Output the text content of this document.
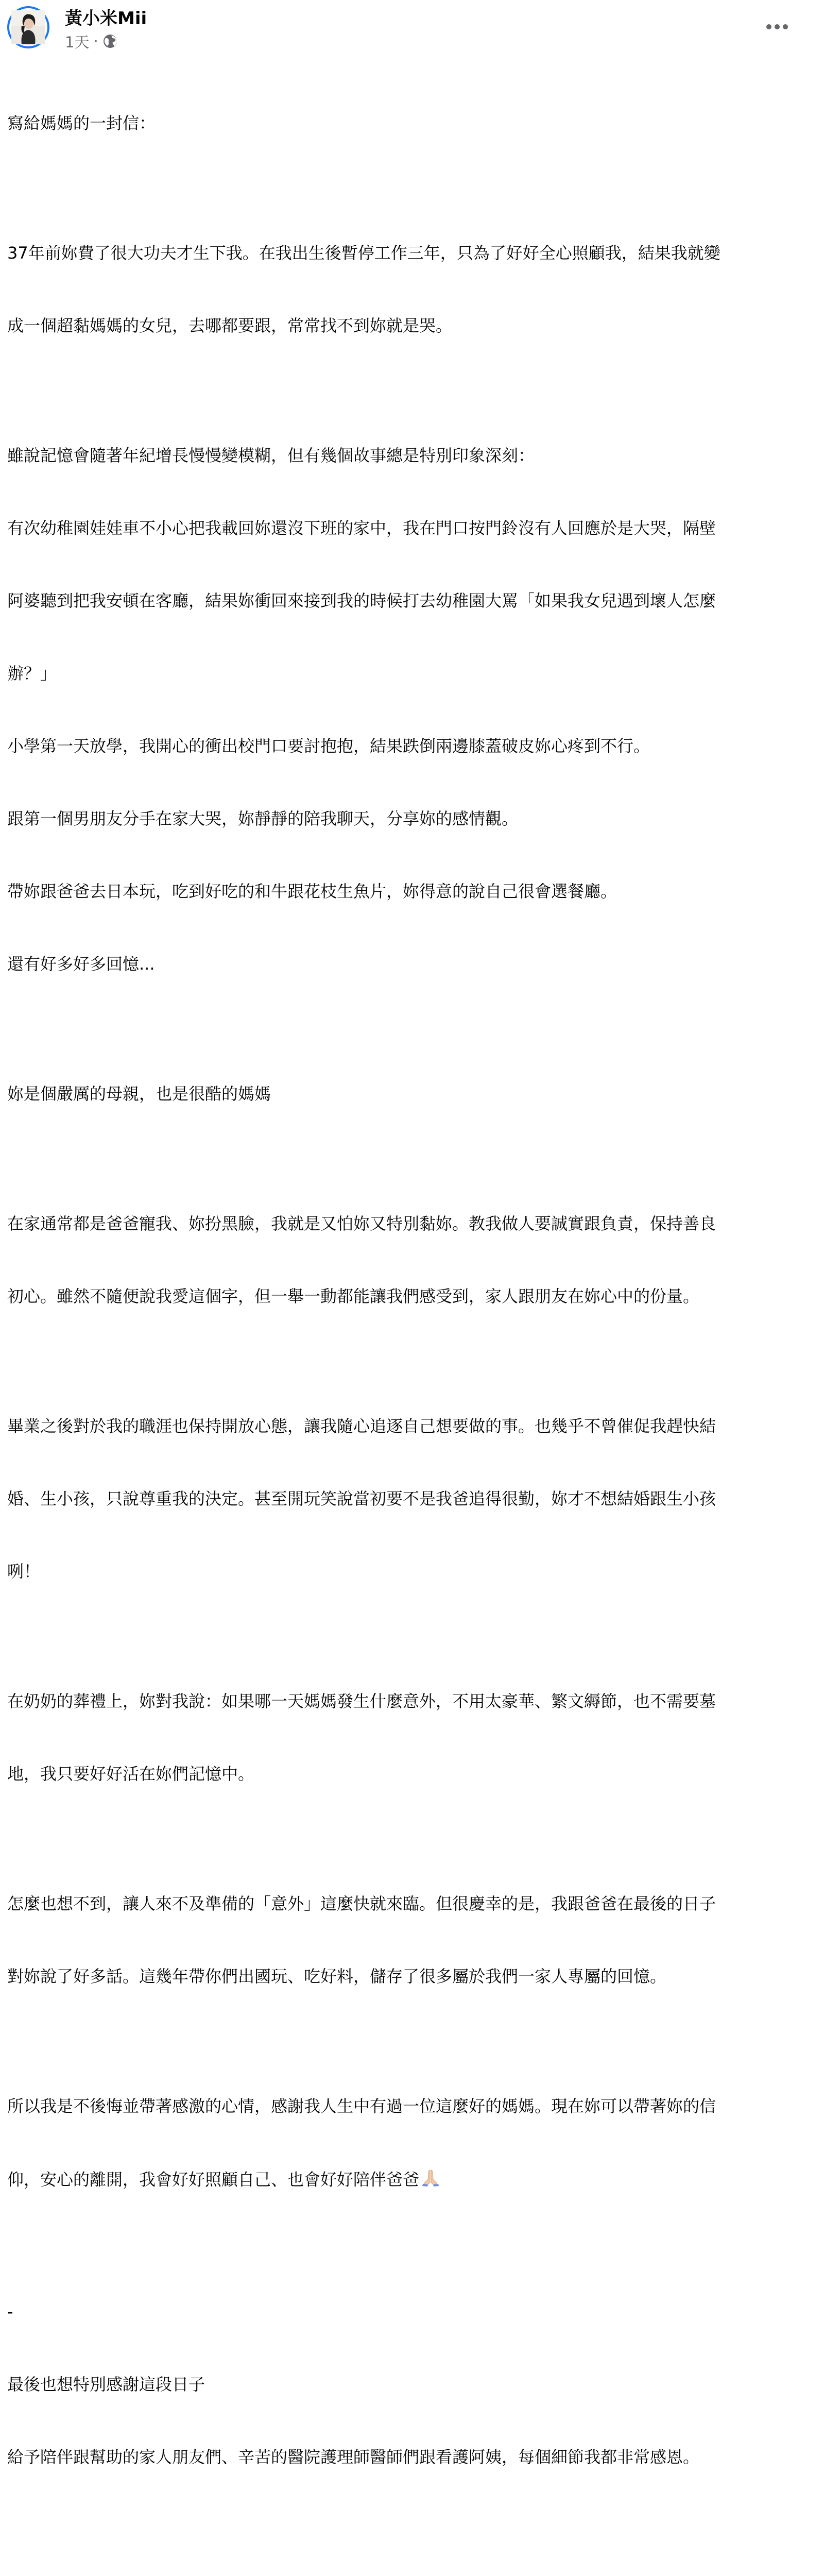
黃小米Mii
1天 ·

寫給媽媽的一封信：

37年前妳費了很大功夫才生下我。在我出生後暫停工作三年，只為了好好全心照顧我，結果我就變

成一個超黏媽媽的女兒，去哪都要跟，常常找不到妳就是哭。

雖說記憶會隨著年紀增長慢慢變模糊，但有幾個故事總是特別印象深刻：

有次幼稚園娃娃車不小心把我載回妳還沒下班的家中，我在門口按門鈴沒有人回應於是大哭，隔壁

阿婆聽到把我安頓在客廳，結果妳衝回來接到我的時候打去幼稚園大罵「如果我女兒遇到壞人怎麼

辦？」

小學第一天放學，我開心的衝出校門口要討抱抱，結果跌倒兩邊膝蓋破皮妳心疼到不行。

跟第一個男朋友分手在家大哭，妳靜靜的陪我聊天，分享妳的感情觀。

帶妳跟爸爸去日本玩，吃到好吃的和牛跟花枝生魚片，妳得意的說自己很會選餐廳。

還有好多好多回憶...

妳是個嚴厲的母親，也是很酷的媽媽

在家通常都是爸爸寵我、妳扮黑臉，我就是又怕妳又特別黏妳。教我做人要誠實跟負責，保持善良

初心。雖然不隨便說我愛這個字，但一舉一動都能讓我們感受到，家人跟朋友在妳心中的份量。

畢業之後對於我的職涯也保持開放心態，讓我隨心追逐自己想要做的事。也幾乎不曾催促我趕快結

婚、生小孩，只說尊重我的決定。甚至開玩笑說當初要不是我爸追得很勤，妳才不想結婚跟生小孩

咧！

在奶奶的葬禮上，妳對我說：如果哪一天媽媽發生什麼意外，不用太豪華、繁文縟節，也不需要墓

地，我只要好好活在妳們記憶中。

怎麼也想不到，讓人來不及準備的「意外」這麼快就來臨。但很慶幸的是，我跟爸爸在最後的日子

對妳說了好多話。這幾年帶你們出國玩、吃好料，儲存了很多屬於我們一家人專屬的回憶。

所以我是不後悔並帶著感激的心情，感謝我人生中有過一位這麼好的媽媽。現在妳可以帶著妳的信

仰，安心的離開，我會好好照顧自己、也會好好陪伴爸爸

-

最後也想特別感謝這段日子

給予陪伴跟幫助的家人朋友們、辛苦的醫院護理師醫師們跟看護阿姨，每個細節我都非常感恩。
